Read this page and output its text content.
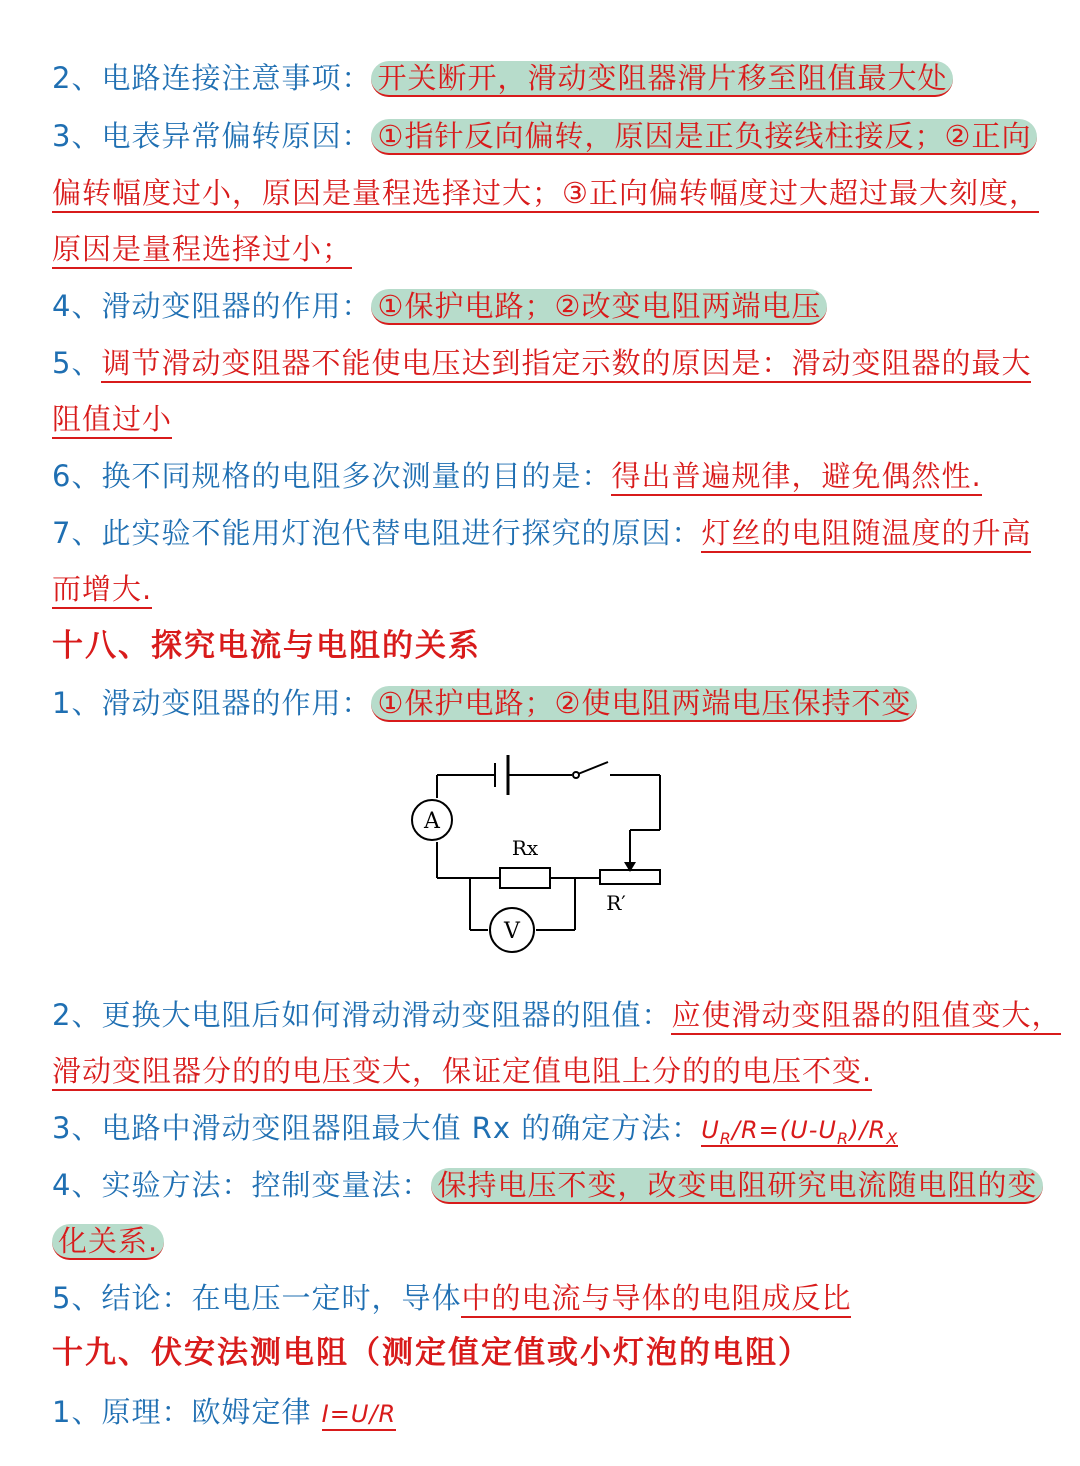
2、电路连接注意事项： 开关断开，滑动变阻器滑片移至阻值最大处
3、电表异常偏转原因： ①指针反向偏转，原因是正负接线柱接反；②正向
偏转幅度过小，原因是量程选择过大；③正向偏转幅度过大超过最大刻度，
原因是量程选择过小；
4、滑动变阻器的作用： ①保护电路；②改变电阻两端电压
5、调节滑动变阻器不能使电压达到指定示数的原因是：滑动变阻器的最大
阻值过小
6、换不同规格的电阻多次测量的目的是：得出普遍规律，避免偶然性.
7、此实验不能用灯泡代替电阻进行探究的原因：灯丝的电阻随温度的升高
而增大.
十八、探究电流与电阻的关系
1、滑动变阻器的作用： ①保护电路；②使电阻两端电压保持不变
A
V
Rx
R′
2、更换大电阻后如何滑动滑动变阻器的阻值：应使滑动变阻器的阻值变大，
滑动变阻器分的的电压变大，保证定值电阻上分的的电压不变.
3、电路中滑动变阻器阻最大值 Rx 的确定方法：$U_R/R=(U-U_R)/R_X$
4、实验方法：控制变量法： 保持电压不变，改变电阻研究电流随电阻的变
化关系.
5、结论：在电压一定时，导体中的电流与导体的电阻成反比
十九、伏安法测电阻（测定值定值或小灯泡的电阻）
1、原理：欧姆定律 I=U/R
